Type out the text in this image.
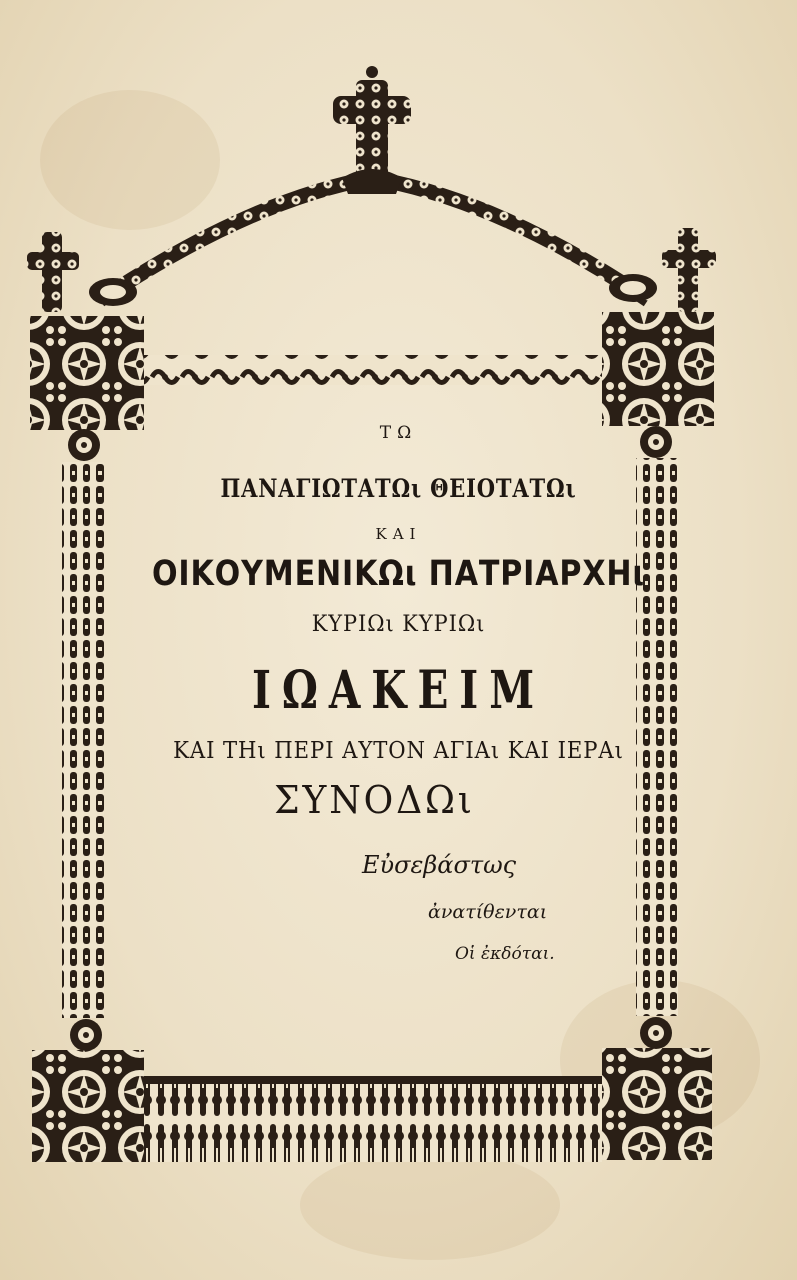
ΤΩ
ΠΑΝΑΓΙΩΤΑΤΩι ΘΕΙΟΤΑΤΩι
ΚΑΙ
ΟΙΚΟΥΜΕΝΙΚΩι ΠΑΤΡΙΑΡΧΗι
ΚΥΡΙΩι ΚΥΡΙΩι
ΙΩΑΚΕΙΜ
ΚΑΙ ΤΗι ΠΕΡΙ ΑΥΤΟΝ ΑΓΙΑι ΚΑΙ ΙΕΡΑι
ΣΥΝΟΔΩι
Εὐσεβάστως
ἀνατίθενται
Οἱ ἐκδόται.
